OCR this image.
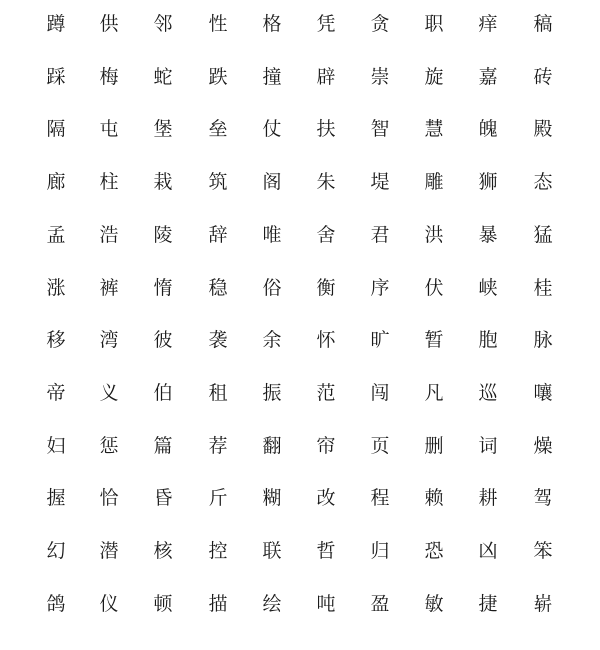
蹲	供	邻	性	格	凭	贪	职	痒	稿
踩	梅	蛇	跌	撞	辟	崇	旋	嘉	砖
隔	屯	堡	垒	仗	扶	智	慧	魄	殿
廊	柱	栽	筑	阁	朱	堤	雕	狮	态
孟	浩	陵	辞	唯	舍	君	洪	暴	猛
涨	裤	惰	稳	俗	衡	序	伏	峡	桂
移	湾	彼	袭	余	怀	旷	暂	胞	脉
帝	义	伯	租	振	范	闯	凡	巡	嚷
妇	惩	篇	荐	翻	帘	页	删	词	燥
握	恰	昏	斤	糊	改	程	赖	耕	驾
幻	潜	核	控	联	哲	归	恐	凶	笨
鸽	仪	顿	描	绘	吨	盈	敏	捷	崭
